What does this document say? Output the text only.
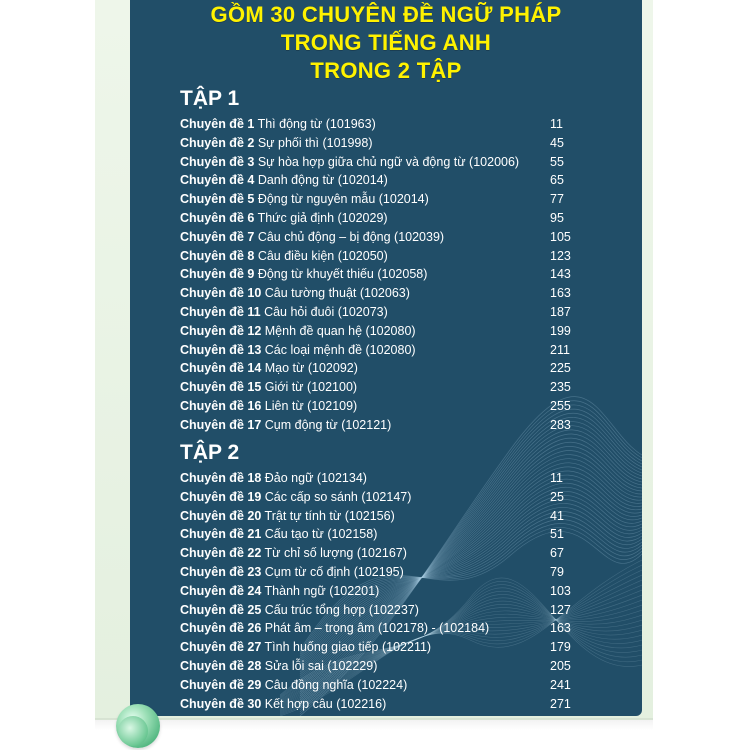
GỒM 30 CHUYÊN ĐỀ NGỮ PHÁP
TRONG TIẾNG ANH
TRONG 2 TẬP
TẬP 1
Chuyên đề 1 Thì động từ (101963)	11
Chuyên đề 2 Sự phối thì (101998)	45
Chuyên đề 3 Sự hòa hợp giữa chủ ngữ và động từ (102006) 55
Chuyên đề 4 Danh động từ (102014)	65
Chuyên đề 5 Động từ nguyên mẫu (102014)	77
Chuyên đề 6 Thức giả định (102029)	95
Chuyên đề 7 Câu chủ động – bị động (102039)	105
Chuyên đề 8 Câu điều kiện (102050)	123
Chuyên đề 9 Động từ khuyết thiếu (102058)	143
Chuyên đề 10 Câu tường thuật (102063)	163
Chuyên đề 11 Câu hỏi đuôi (102073)	187
Chuyên đề 12 Mệnh đề quan hệ (102080)	199
Chuyên đề 13 Các loại mệnh đề (102080)	211
Chuyên đề 14 Mạo từ (102092)	225
Chuyên đề 15 Giới từ (102100)	235
Chuyên đề 16 Liên từ (102109)	255
Chuyên đề 17 Cụm động từ (102121)	283
TẬP 2
Chuyên đề 18 Đảo ngữ (102134)	11
Chuyên đề 19 Các cấp so sánh (102147)	25
Chuyên đề 20 Trật tự tính từ (102156)	41
Chuyên đề 21 Cấu tạo từ (102158)	51
Chuyên đề 22 Từ chỉ số lượng (102167)	67
Chuyên đề 23 Cụm từ cố định (102195)	79
Chuyên đề 24 Thành ngữ (102201)	103
Chuyên đề 25 Cấu trúc tổng hợp (102237)	127
Chuyên đề 26 Phát âm – trọng âm (102178) - (102184)	163
Chuyên đề 27 Tình huống giao tiếp (102211)	179
Chuyên đề 28 Sửa lỗi sai (102229)	205
Chuyên đề 29 Câu đồng nghĩa (102224)	241
Chuyên đề 30 Kết hợp câu (102216)	271
